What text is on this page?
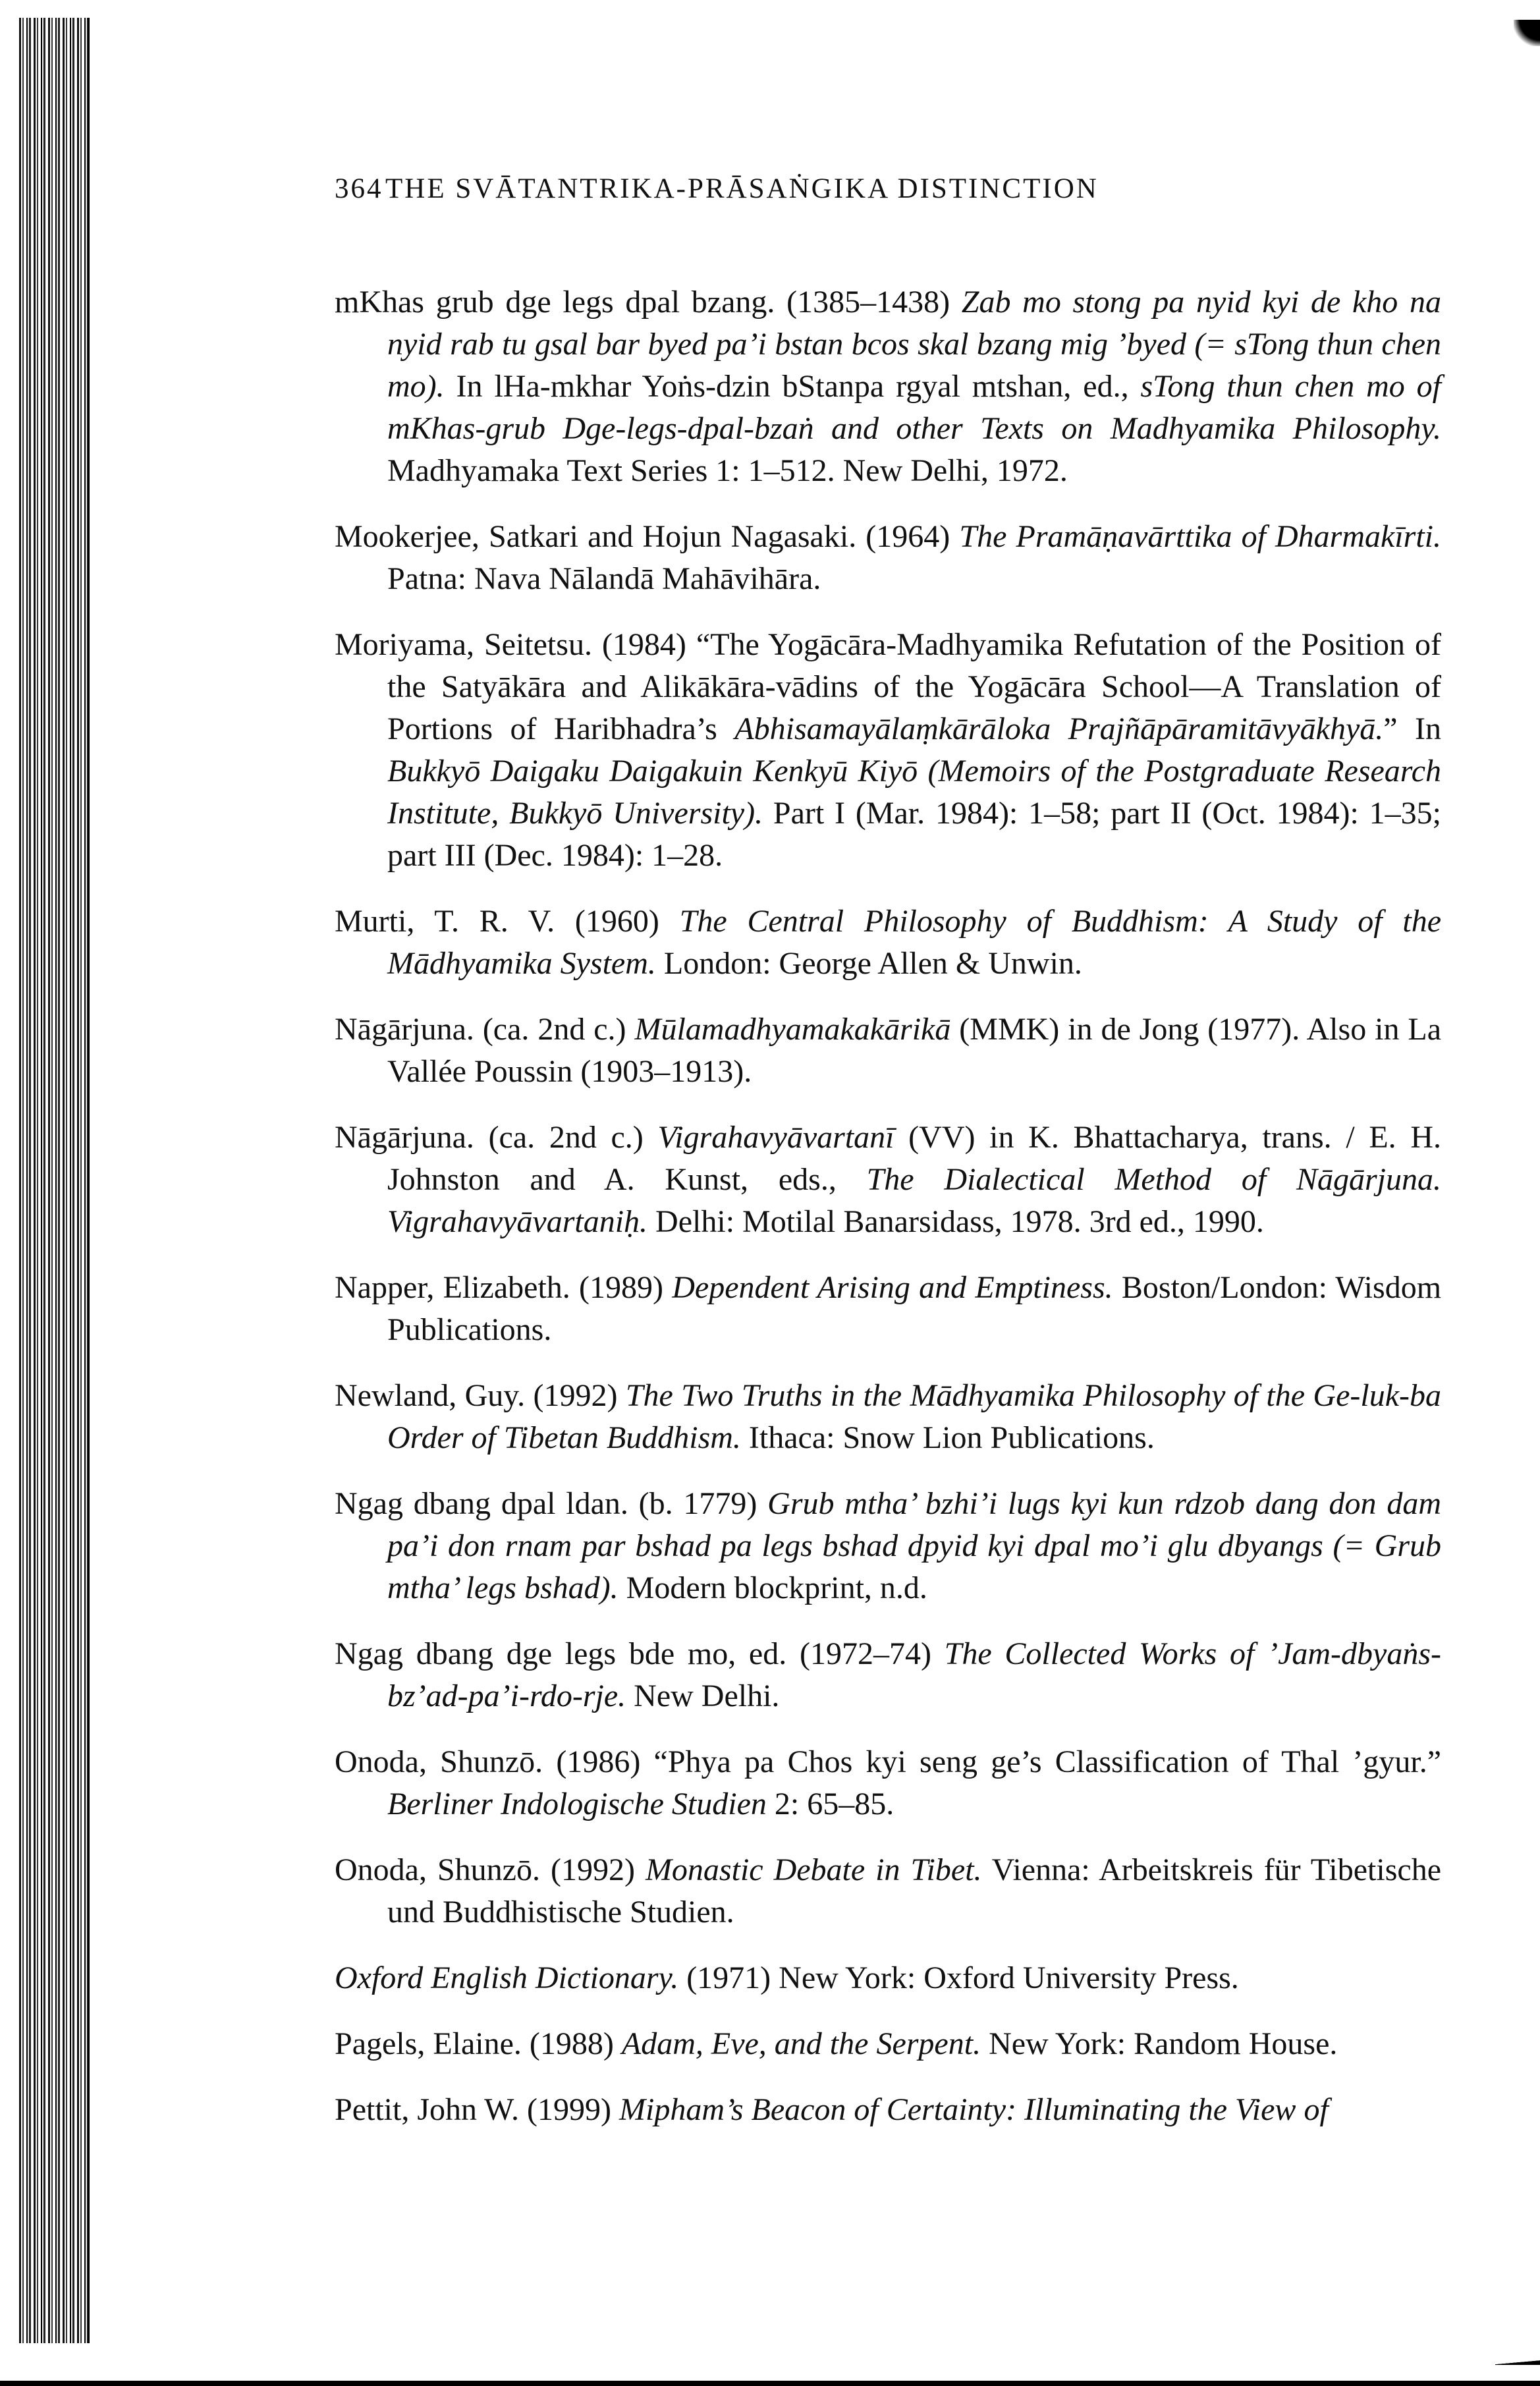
364 THE SVĀTANTRIKA-PRĀSAṄGIKA DISTINCTION

mKhas grub dge legs dpal bzang. (1385–1438) Zab mo stong pa nyid kyi de kho na nyid rab tu gsal bar byed pa’i bstan bcos skal bzang mig ’byed (= sTong thun chen mo). In lHa-mkhar Yoṅs-dzin bStanpa rgyal mtshan, ed., sTong thun chen mo of mKhas-grub Dge-legs-dpal-bzaṅ and other Texts on Madhyamika Philosophy. Madhyamaka Text Series 1: 1–512. New Delhi, 1972.

Mookerjee, Satkari and Hojun Nagasaki. (1964) The Pramāṇavārttika of Dharmakīrti. Patna: Nava Nālandā Mahāvihāra.

Moriyama, Seitetsu. (1984) “The Yogācāra-Madhyamika Refutation of the Position of the Satyākāra and Alikākāra-vādins of the Yogācāra School—A Translation of Portions of Haribhadra’s Abhisamayālaṃkārāloka Prajñāpāramitāvyākhyā.” In Bukkyō Daigaku Daigakuin Kenkyū Kiyō (Memoirs of the Postgraduate Research Institute, Bukkyō University). Part I (Mar. 1984): 1–58; part II (Oct. 1984): 1–35; part III (Dec. 1984): 1–28.

Murti, T. R. V. (1960) The Central Philosophy of Buddhism: A Study of the Mādhyamika System. London: George Allen & Unwin.

Nāgārjuna. (ca. 2nd c.) Mūlamadhyamakakārikā (MMK) in de Jong (1977). Also in La Vallée Poussin (1903–1913).

Nāgārjuna. (ca. 2nd c.) Vigrahavyāvartanī (VV) in K. Bhattacharya, trans. / E. H. Johnston and A. Kunst, eds., The Dialectical Method of Nāgārjuna. Vigrahavyāvartaniḥ. Delhi: Motilal Banarsidass, 1978. 3rd ed., 1990.

Napper, Elizabeth. (1989) Dependent Arising and Emptiness. Boston/London: Wisdom Publications.

Newland, Guy. (1992) The Two Truths in the Mādhyamika Philosophy of the Ge-luk-ba Order of Tibetan Buddhism. Ithaca: Snow Lion Publications.

Ngag dbang dpal ldan. (b. 1779) Grub mtha’ bzhi’i lugs kyi kun rdzob dang don dam pa’i don rnam par bshad pa legs bshad dpyid kyi dpal mo’i glu dbyangs (= Grub mtha’ legs bshad). Modern blockprint, n.d.

Ngag dbang dge legs bde mo, ed. (1972–74) The Collected Works of ’Jam-dbyaṅs-bz’ad-pa’i-rdo-rje. New Delhi.

Onoda, Shunzō. (1986) “Phya pa Chos kyi seng ge’s Classification of Thal ’gyur.” Berliner Indologische Studien 2: 65–85.

Onoda, Shunzō. (1992) Monastic Debate in Tibet. Vienna: Arbeitskreis für Tibetische und Buddhistische Studien.

Oxford English Dictionary. (1971) New York: Oxford University Press.

Pagels, Elaine. (1988) Adam, Eve, and the Serpent. New York: Random House.

Pettit, John W. (1999) Mipham’s Beacon of Certainty: Illuminating the View of
